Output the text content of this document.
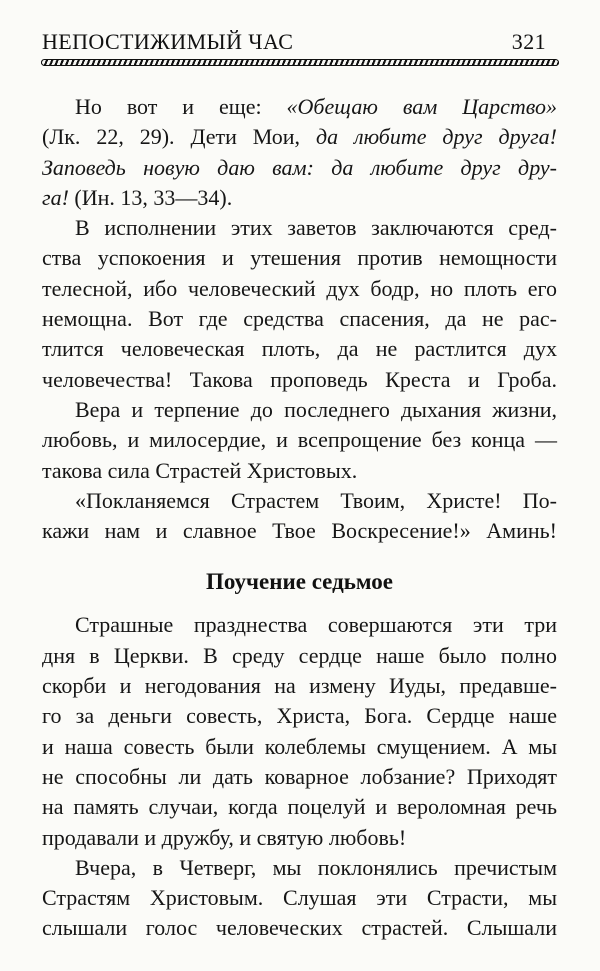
НЕПОСТИЖИМЫЙ ЧАС	321
Но вот и еще: «Обещаю вам Царство»
(Лк. 22, 29). Дети Мои, да любите друг друга!
Заповедь новую даю вам: да любите друг дру-
га! (Ин. 13, 33—34).
В исполнении этих заветов заключаются сред-
ства успокоения и утешения против немощности
телесной, ибо человеческий дух бодр, но плоть его
немощна. Вот где средства спасения, да не рас-
тлится человеческая плоть, да не растлится дух
человечества! Такова проповедь Креста и Гроба.
Вера и терпение до последнего дыхания жизни,
любовь, и милосердие, и всепрощение без конца —
такова сила Страстей Христовых.
«Покланяемся Страстем Твоим, Христе! По-
кажи нам и славное Твое Воскресение!» Аминь!
Поучение седьмое
Страшные празднества совершаются эти три
дня в Церкви. В среду сердце наше было полно
скорби и негодования на измену Иуды, предавше-
го за деньги совесть, Христа, Бога. Сердце наше
и наша совесть были колеблемы смущением. А мы
не способны ли дать коварное лобзание? Приходят
на память случаи, когда поцелуй и вероломная речь
продавали и дружбу, и святую любовь!
Вчера, в Четверг, мы поклонялись пречистым
Страстям Христовым. Слушая эти Страсти, мы
слышали голос человеческих страстей. Слышали
